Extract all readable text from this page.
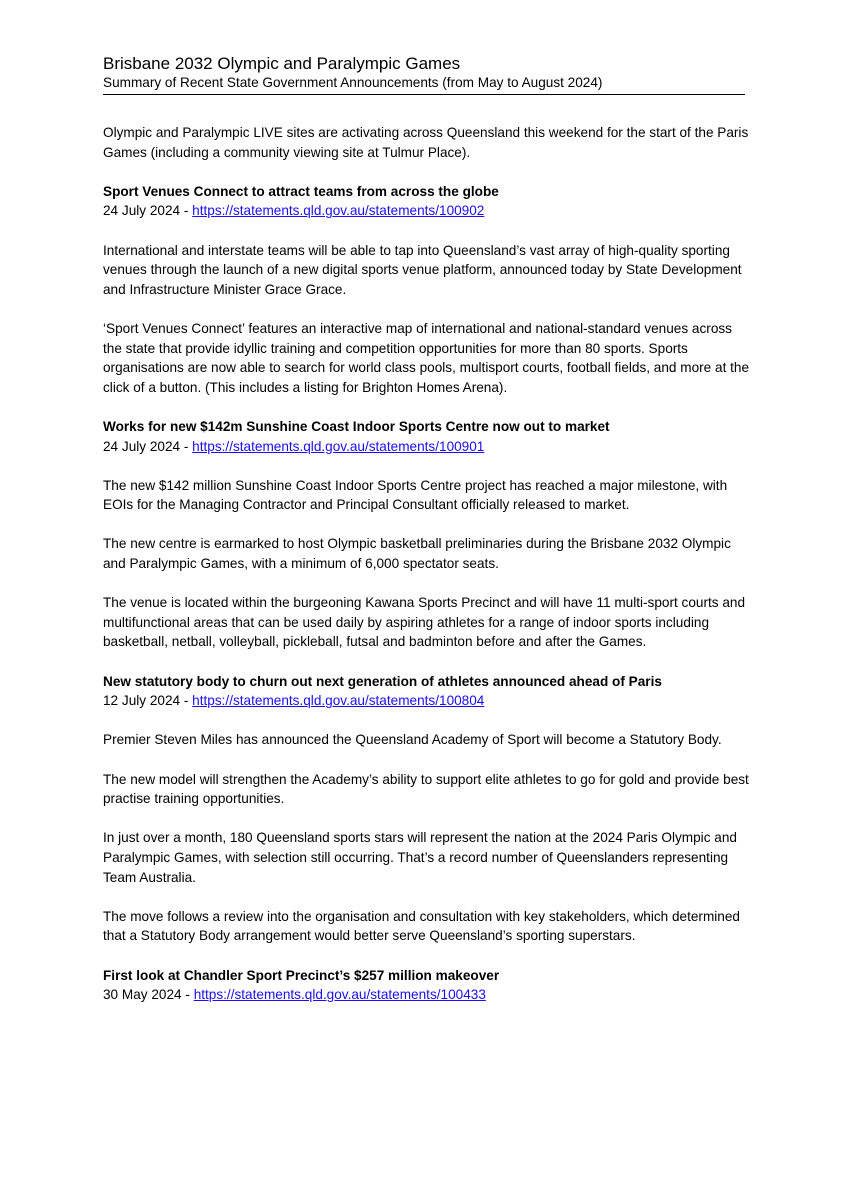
Brisbane 2032 Olympic and Paralympic Games
Summary of Recent State Government Announcements (from May to August 2024)

Olympic and Paralympic LIVE sites are activating across Queensland this weekend for the start of the Paris Games (including a community viewing site at Tulmur Place).

Sport Venues Connect to attract teams from across the globe

24 July 2024 - https://statements.qld.gov.au/statements/100902

International and interstate teams will be able to tap into Queensland’s vast array of high-quality sporting venues through the launch of a new digital sports venue platform, announced today by State Development and Infrastructure Minister Grace Grace.

‘Sport Venues Connect’ features an interactive map of international and national-standard venues across the state that provide idyllic training and competition opportunities for more than 80 sports. Sports organisations are now able to search for world class pools, multisport courts, football fields, and more at the click of a button. (This includes a listing for Brighton Homes Arena).

Works for new $142m Sunshine Coast Indoor Sports Centre now out to market

24 July 2024 - https://statements.qld.gov.au/statements/100901

The new $142 million Sunshine Coast Indoor Sports Centre project has reached a major milestone, with EOIs for the Managing Contractor and Principal Consultant officially released to market.

The new centre is earmarked to host Olympic basketball preliminaries during the Brisbane 2032 Olympic and Paralympic Games, with a minimum of 6,000 spectator seats.

The venue is located within the burgeoning Kawana Sports Precinct and will have 11 multi-sport courts and multifunctional areas that can be used daily by aspiring athletes for a range of indoor sports including basketball, netball, volleyball, pickleball, futsal and badminton before and after the Games.

New statutory body to churn out next generation of athletes announced ahead of Paris

12 July 2024 - https://statements.qld.gov.au/statements/100804

Premier Steven Miles has announced the Queensland Academy of Sport will become a Statutory Body.

The new model will strengthen the Academy’s ability to support elite athletes to go for gold and provide best practise training opportunities.

In just over a month, 180 Queensland sports stars will represent the nation at the 2024 Paris Olympic and Paralympic Games, with selection still occurring. That’s a record number of Queenslanders representing Team Australia.

The move follows a review into the organisation and consultation with key stakeholders, which determined that a Statutory Body arrangement would better serve Queensland’s sporting superstars.

First look at Chandler Sport Precinct’s $257 million makeover

30 May 2024 - https://statements.qld.gov.au/statements/100433
